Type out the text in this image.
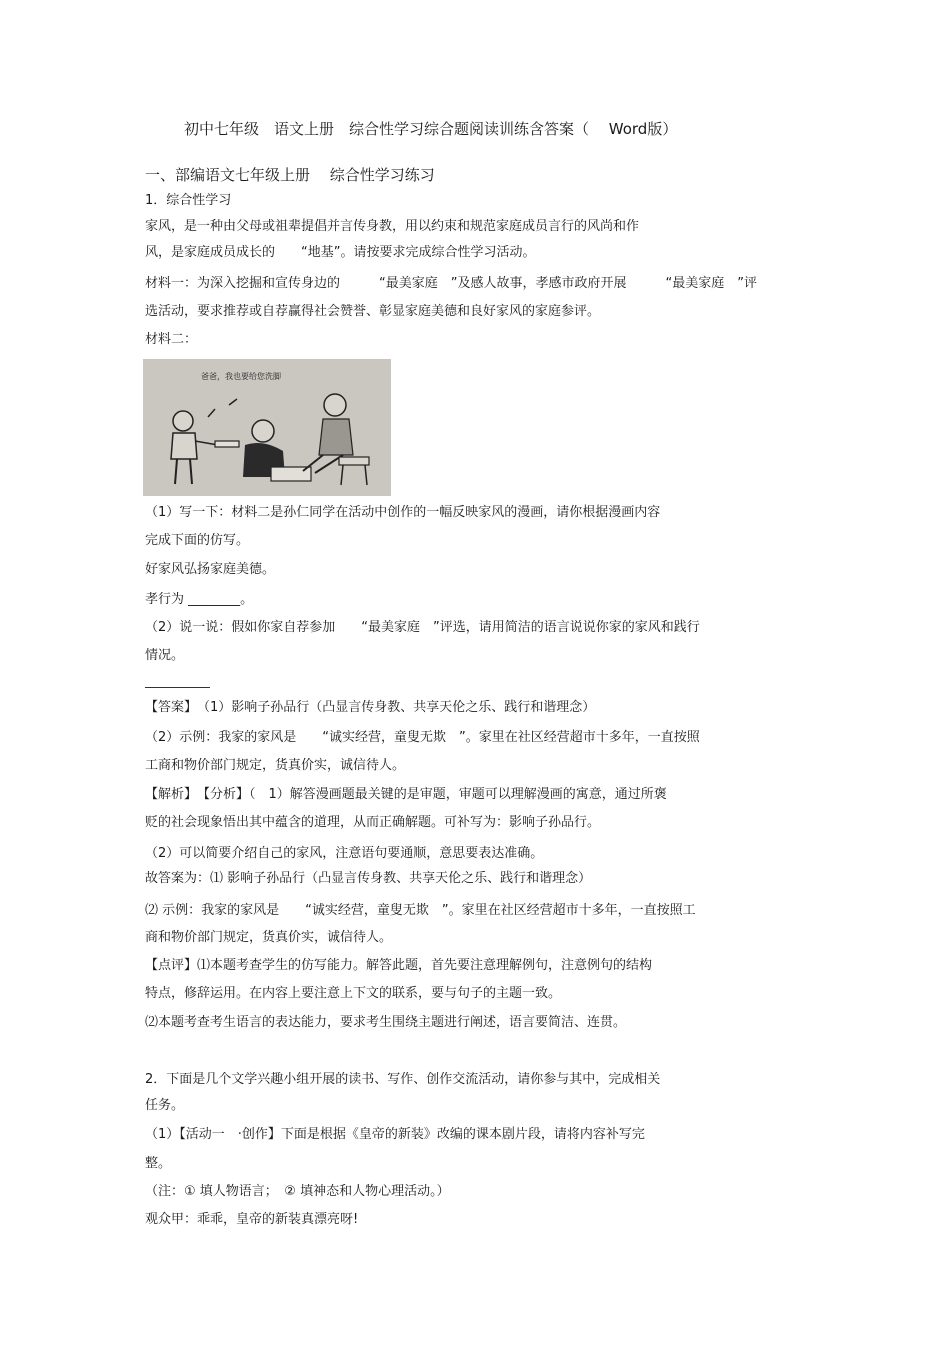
初中七年级　语文上册　综合性学习综合题阅读训练含答案（　 Word版）
一、部编语文七年级上册　 综合性学习练习
1．综合性学习
家风，是一种由父母或祖辈提倡并言传身教，用以约束和规范家庭成员言行的风尚和作
风，是家庭成员成长的　　“地基”。请按要求完成综合性学习活动。
材料一：为深入挖掘和宣传身边的　　　“最美家庭　”及感人故事，孝感市政府开展　　　“最美家庭　”评
选活动，要求推荐或自荐赢得社会赞誉、彰显家庭美德和良好家风的家庭参评。
材料二：
爸爸，我也要给您洗脚
（1）写一下：材料二是孙仁同学在活动中创作的一幅反映家风的漫画，请你根据漫画内容
完成下面的仿写。
好家风弘扬家庭美德。
孝行为 ________。
（2）说一说：假如你家自荐参加　　“最美家庭　”评选，请用简洁的语言说说你家的家风和践行
情况。
【答案】　（1）影响子孙品行（凸显言传身教、共享天伦之乐、践行和谐理念）
（2）示例：我家的家风是　　“诚实经营，童叟无欺　”。家里在社区经营超市十多年，一直按照
工商和物价部门规定，货真价实，诚信待人。
【解析】　【分析】（　1）解答漫画题最关键的是审题，审题可以理解漫画的寓意，通过所褒
贬的社会现象悟出其中蕴含的道理，从而正确解题。可补写为：影响子孙品行。
（2）可以简要介绍自己的家风，注意语句要通顺，意思要表达准确。
故答案为：⑴ 影响子孙品行（凸显言传身教、共享天伦之乐、践行和谐理念）
⑵ 示例：我家的家风是　　“诚实经营，童叟无欺　”。家里在社区经营超市十多年，一直按照工
商和物价部门规定，货真价实，诚信待人。
【点评】⑴本题考查学生的仿写能力。解答此题，首先要注意理解例句，注意例句的结构
特点，修辞运用。在内容上要注意上下文的联系，要与句子的主题一致。
⑵本题考查考生语言的表达能力，要求考生围绕主题进行阐述，语言要简洁、连贯。
2．下面是几个文学兴趣小组开展的读书、写作、创作交流活动，请你参与其中，完成相关
任务。
（1）【活动一　·创作】下面是根据《皇帝的新装》改编的课本剧片段，请将内容补写完
整。
（注：① 填人物语言；　② 填神态和人物心理活动。）
观众甲：乖乖，皇帝的新装真漂亮呀!
